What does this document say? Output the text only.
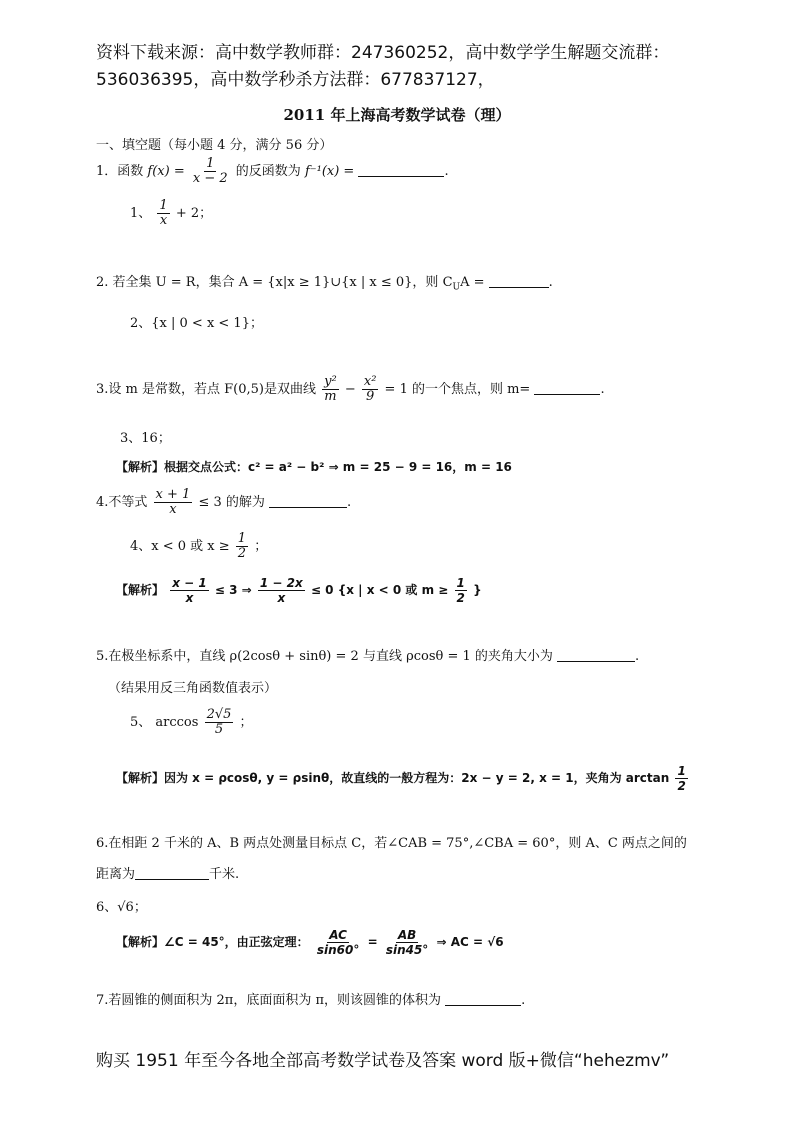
资料下载来源：高中数学教师群：247360252，高中数学学生解题交流群：
536036395，高中数学秒杀方法群：677837127，
2011 年上海高考数学试卷（理）
一、填空题（每小题 4 分，满分 56 分）
1．函数 $f(x) = \frac{1}{x - 2}$ 的反函数为 f⁻¹(x) =	.
1、 $\frac{1}{x} + 2$；
2. 若全集 U = R，集合 A = {x|x ≥ 1}∪{x | x ≤ 0}，则 $C_UA$ =	.
2、{x | 0 < x < 1}；
3.设 m 是常数，若点 F(0,5)是双曲线 $\frac{\text{y²}}{m} - \frac{\text{x²}}{9} = 1$ 的一个焦点，则 m=	.
3、16；
【解析】根据交点公式：c² = a² − b² ⇒ m = 25 − 9 = 16，m = 16
4.不等式 $\frac{x + 1}{x} \le 3$ 的解为	.
4、x < 0 或 $x \ge \frac{1}{2}$ ；
【解析】 $\frac{x - 1}{x} \le 3$ ⇒ $\frac{1 - 2x}{x} \le 0$ {x | x < 0 或 $m \ge \frac{1}{2}$ }
5.在极坐标系中，直线 ρ(2cosθ + sinθ) = 2 与直线 ρcosθ = 1 的夹角大小为	.
（结果用反三角函数值表示）
5、 $\arccos \frac{2√5}{5}$ ；
【解析】因为 x = ρcosθ, y = ρsinθ，故直线的一般方程为：2x − y = 2, x = 1，夹角为 $\arctan \frac{1}{2}$
6.在相距 2 千米的 A、B 两点处测量目标点 C，若∠CAB = 75°,∠CBA = 60°，则 A、C 两点之间的
距离为	千米.
6、√6；
【解析】∠C = 45°，由正弦定理： $\frac{AC}{\sin 60^\circ} = \frac{AB}{\sin 45^\circ}$ ⇒ AC = √6
7.若圆锥的侧面积为 2π，底面面积为 π，则该圆锥的体积为	.
购买 1951 年至今各地全部高考数学试卷及答案 word 版+微信“hehezmv”
